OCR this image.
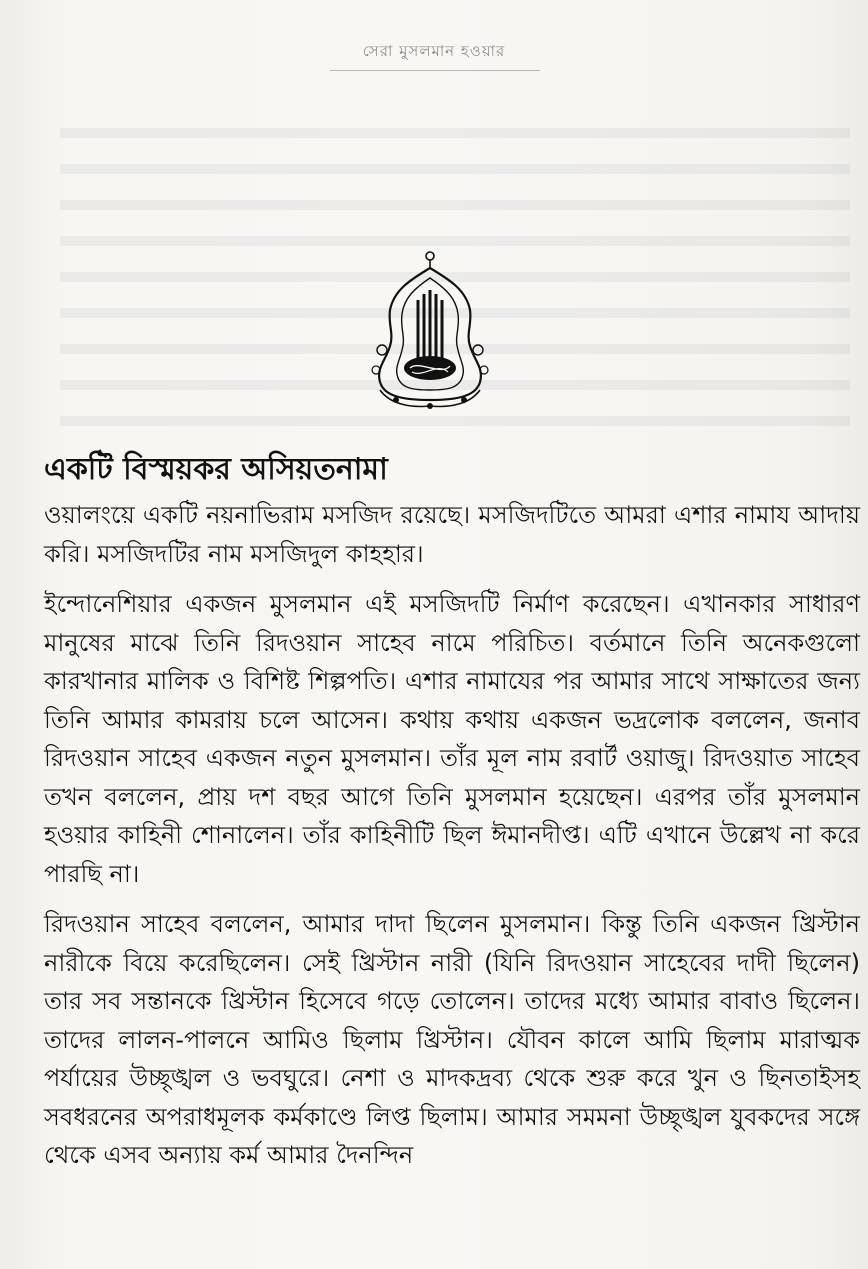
সেরা মুসলমান হওয়ার
একটি বিস্ময়কর অসিয়তনামা

ওয়ালংয়ে একটি নয়নাভিরাম মসজিদ রয়েছে। মসজিদটিতে আমরা এশার নামায আদায় করি। মসজিদটির নাম মসজিদুল কাহহার।

ইন্দোনেশিয়ার একজন মুসলমান এই মসজিদটি নির্মাণ করেছেন। এখানকার সাধারণ মানুষের মাঝে তিনি রিদওয়ান সাহেব নামে পরিচিত। বর্তমানে তিনি অনেকগুলো কারখানার মালিক ও বিশিষ্ট শিল্পপতি। এশার নামাযের পর আমার সাথে সাক্ষাতের জন্য তিনি আমার কামরায় চলে আসেন। কথায় কথায় একজন ভদ্রলোক বললেন, জনাব রিদওয়ান সাহেব একজন নতুন মুসলমান। তাঁর মূল নাম রবার্ট ওয়াজু। রিদওয়াত সাহেব তখন বললেন, প্রায় দশ বছর আগে তিনি মুসলমান হয়েছেন। এরপর তাঁর মুসলমান হওয়ার কাহিনী শোনালেন। তাঁর কাহিনীটি ছিল ঈমানদীপ্ত। এটি এখানে উল্লেখ না করে পারছি না।

রিদওয়ান সাহেব বললেন, আমার দাদা ছিলেন মুসলমান। কিন্তু তিনি একজন খ্রিস্টান নারীকে বিয়ে করেছিলেন। সেই খ্রিস্টান নারী (যিনি রিদওয়ান সাহেবের দাদী ছিলেন) তার সব সন্তানকে খ্রিস্টান হিসেবে গড়ে তোলেন। তাদের মধ্যে আমার বাবাও ছিলেন। তাদের লালন-পালনে আমিও ছিলাম খ্রিস্টান। যৌবন কালে আমি ছিলাম মারাত্মক পর্যায়ের উচ্ছৃঙ্খল ও ভবঘুরে। নেশা ও মাদকদ্রব্য থেকে শুরু করে খুন ও ছিনতাইসহ সবধরনের অপরাধমূলক কর্মকাণ্ডে লিপ্ত ছিলাম। আমার সমমনা উচ্ছৃঙ্খল যুবকদের সঙ্গে থেকে এসব অন্যায় কর্ম আমার দৈনন্দিন
